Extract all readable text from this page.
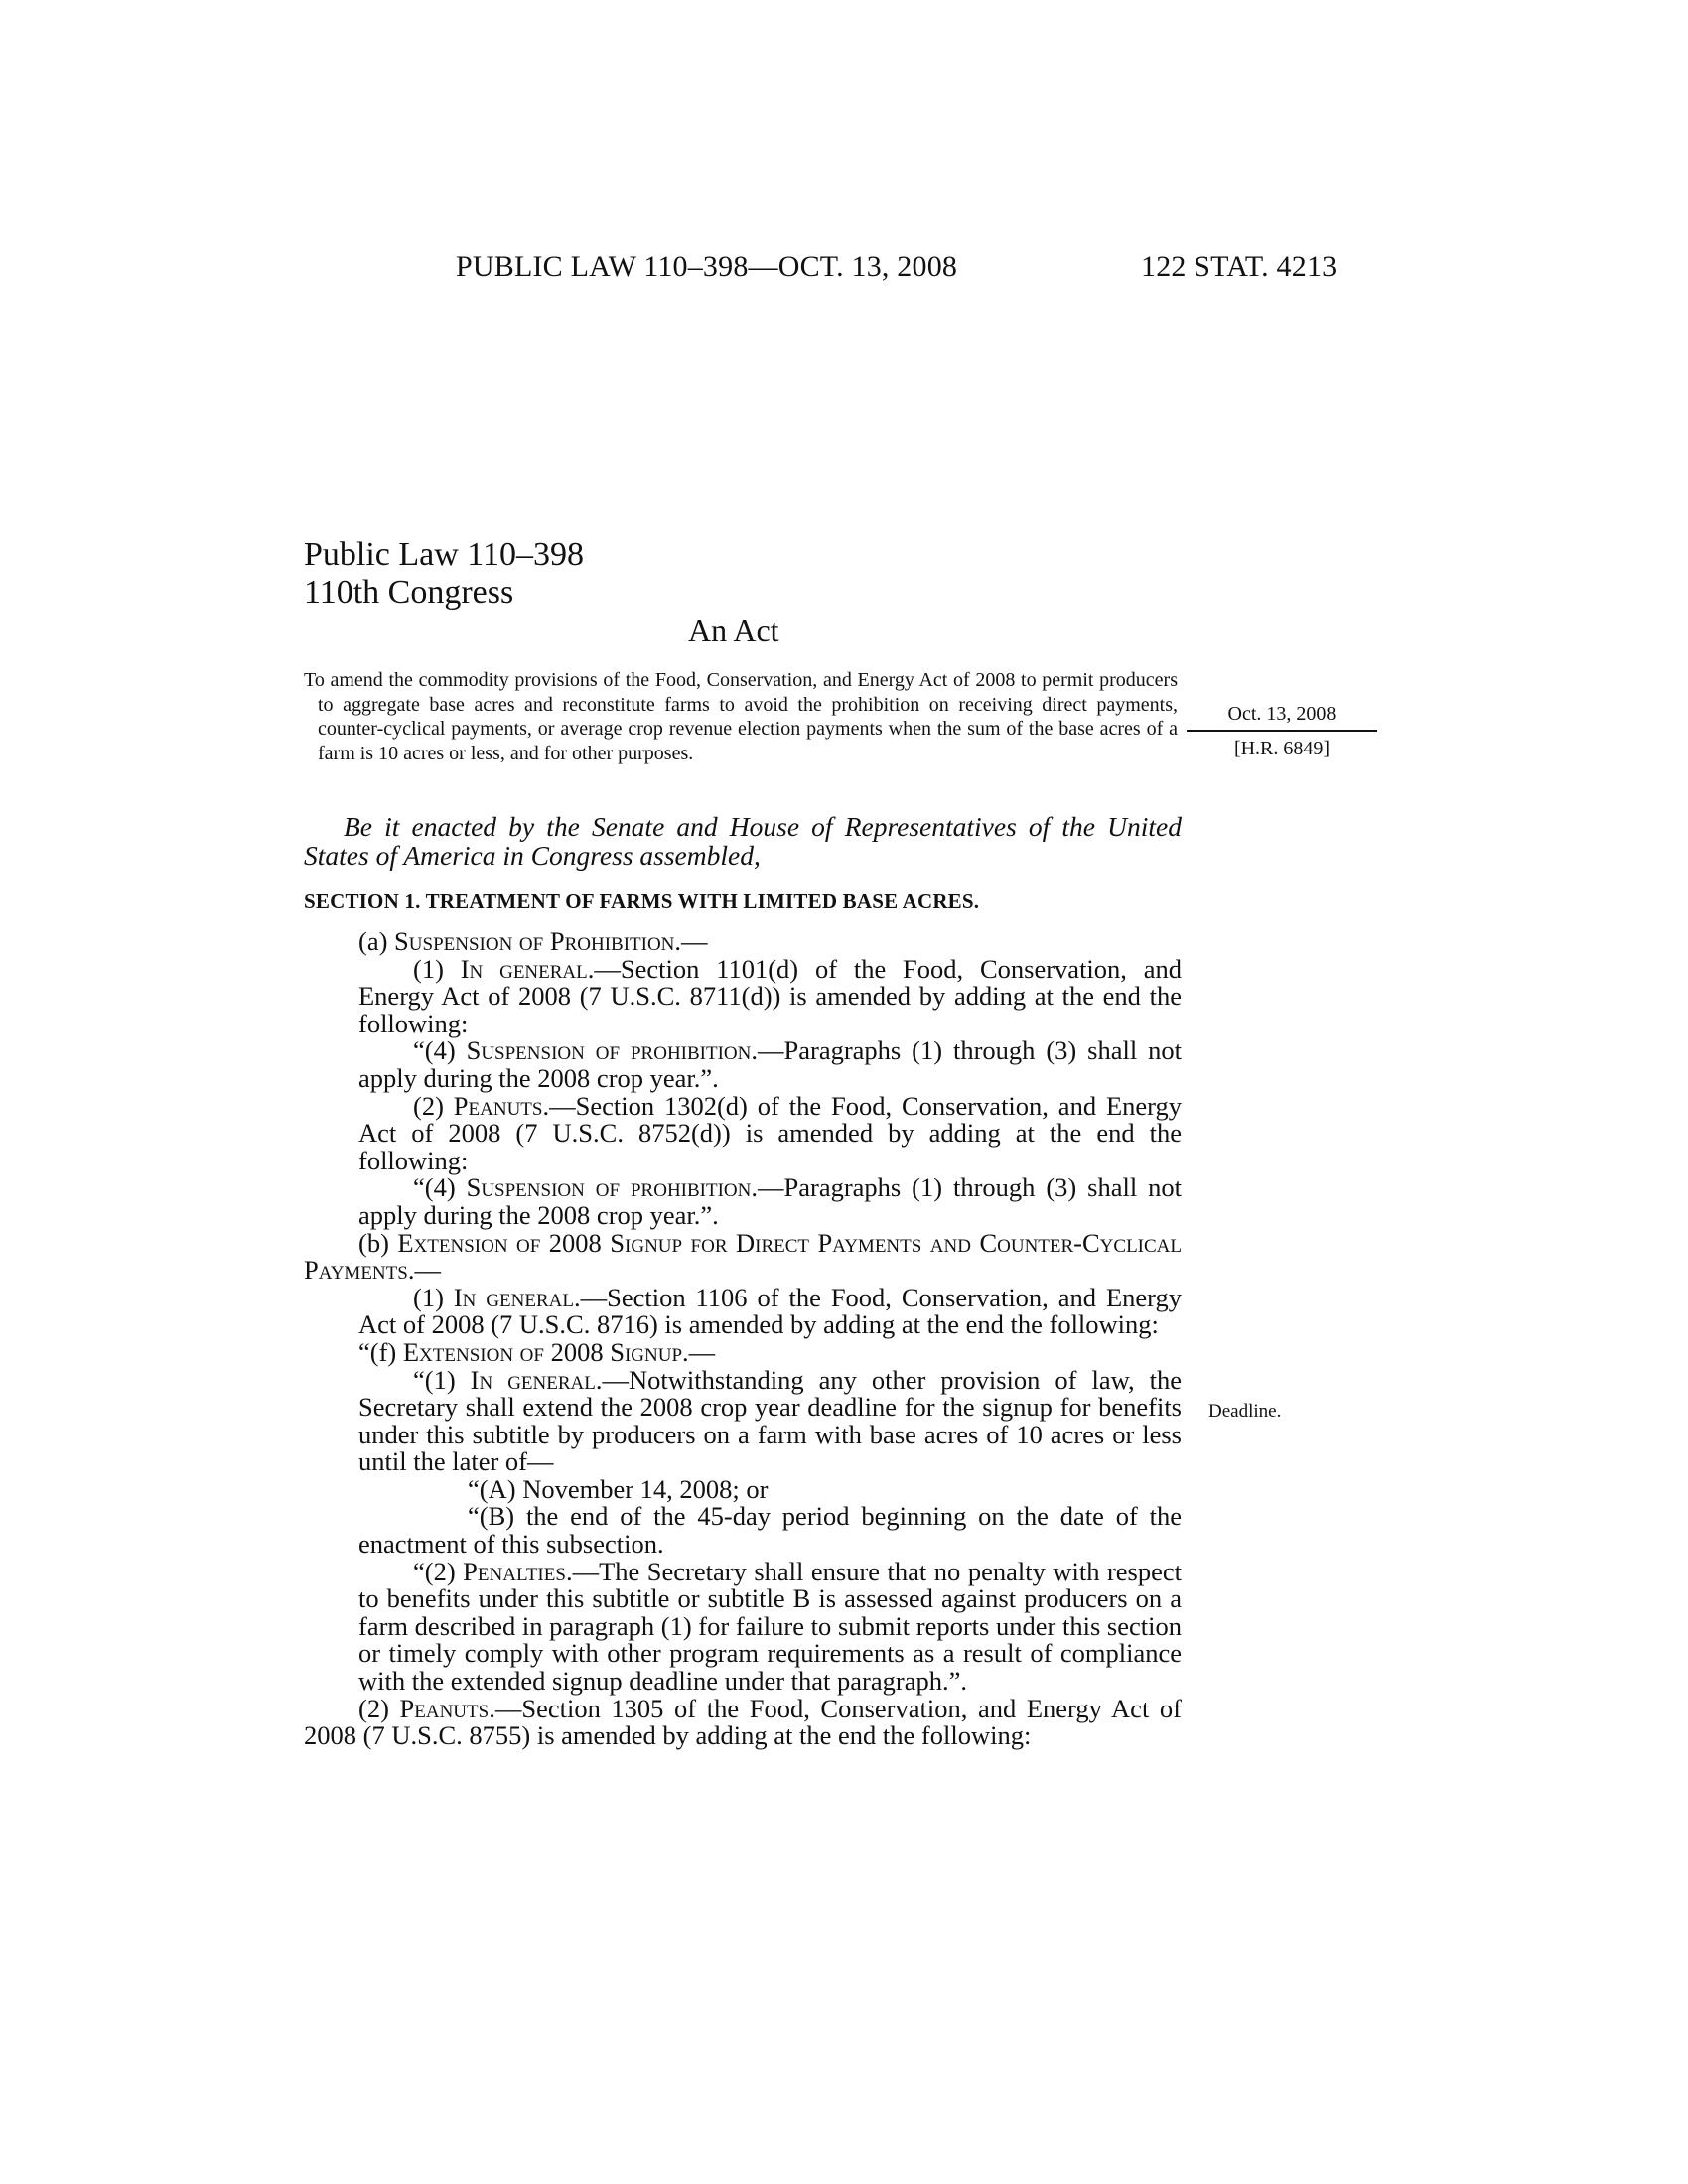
PUBLIC LAW 110–398—OCT. 13, 2008	122 STAT. 4213
Public Law 110–398
110th Congress
An Act
To amend the commodity provisions of the Food, Conservation, and Energy Act of 2008 to permit producers to aggregate base acres and reconstitute farms to avoid the prohibition on receiving direct payments, counter-cyclical payments, or average crop revenue election payments when the sum of the base acres of a farm is 10 acres or less, and for other purposes.
Oct. 13, 2008
[H.R. 6849]
Be it enacted by the Senate and House of Representatives of the United States of America in Congress assembled,
SECTION 1. TREATMENT OF FARMS WITH LIMITED BASE ACRES.

(a) Suspension of Prohibition.—

(1) In general.—Section 1101(d) of the Food, Conservation, and Energy Act of 2008 (7 U.S.C. 8711(d)) is amended by adding at the end the following:

“(4) Suspension of prohibition.—Paragraphs (1) through (3) shall not apply during the 2008 crop year.”.

(2) Peanuts.—Section 1302(d) of the Food, Conservation, and Energy Act of 2008 (7 U.S.C. 8752(d)) is amended by adding at the end the following:

“(4) Suspension of prohibition.—Paragraphs (1) through (3) shall not apply during the 2008 crop year.”.

(b) Extension of 2008 Signup for Direct Payments and Counter-Cyclical Payments.—

(1) In general.—Section 1106 of the Food, Conservation, and Energy Act of 2008 (7 U.S.C. 8716) is amended by adding at the end the following:

“(f) Extension of 2008 Signup.—

“(1) In general.—Notwithstanding any other provision of law, the Secretary shall extend the 2008 crop year deadline for the signup for benefits under this subtitle by producers on a farm with base acres of 10 acres or less until the later of—

“(A) November 14, 2008; or

“(B) the end of the 45-day period beginning on the date of the enactment of this subsection.

“(2) Penalties.—The Secretary shall ensure that no penalty with respect to benefits under this subtitle or subtitle B is assessed against producers on a farm described in paragraph (1) for failure to submit reports under this section or timely comply with other program requirements as a result of compliance with the extended signup deadline under that paragraph.”.

(2) Peanuts.—Section 1305 of the Food, Conservation, and Energy Act of 2008 (7 U.S.C. 8755) is amended by adding at the end the following:

Deadline.
